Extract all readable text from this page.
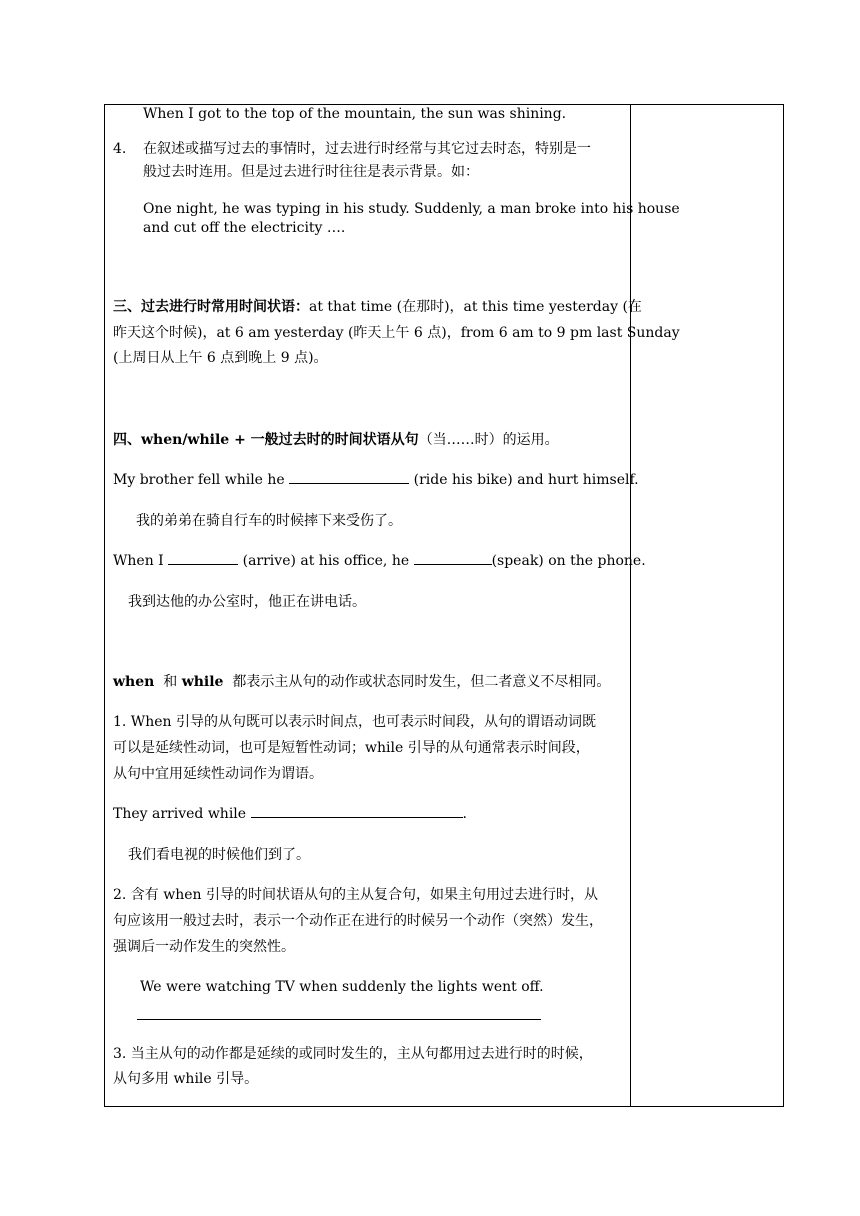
When I got to the top of the mountain, the sun was shining.
4. 在叙述或描写过去的事情时，过去进行时经常与其它过去时态，特别是一
般过去时连用。但是过去进行时往往是表示背景。如：
One night, he was typing in his study. Suddenly, a man broke into his house
and cut off the electricity ….
三、过去进行时常用时间状语：at that time (在那时)，at this time yesterday (在
昨天这个时候)，at 6 am yesterday (昨天上午 6 点)，from 6 am to 9 pm last Sunday
(上周日从上午 6 点到晚上 9 点)。
四、when/while + 一般过去时的时间状语从句（当……时）的运用。
My brother fell while he	(ride his bike) and hurt himself.
我的弟弟在骑自行车的时候摔下来受伤了。
When I	(arrive) at his office, he	(speak) on the phone.
我到达他的办公室时，他正在讲电话。
when 和 while 都表示主从句的动作或状态同时发生，但二者意义不尽相同。
1. When 引导的从句既可以表示时间点，也可表示时间段，从句的谓语动词既
可以是延续性动词，也可是短暂性动词；while 引导的从句通常表示时间段，
从句中宜用延续性动词作为谓语。
They arrived while	.
我们看电视的时候他们到了。
2. 含有 when 引导的时间状语从句的主从复合句，如果主句用过去进行时，从
句应该用一般过去时，表示一个动作正在进行的时候另一个动作（突然）发生，
强调后一动作发生的突然性。
We were watching TV when suddenly the lights went off.
3. 当主从句的动作都是延续的或同时发生的，主从句都用过去进行时的时候，
从句多用 while 引导。
